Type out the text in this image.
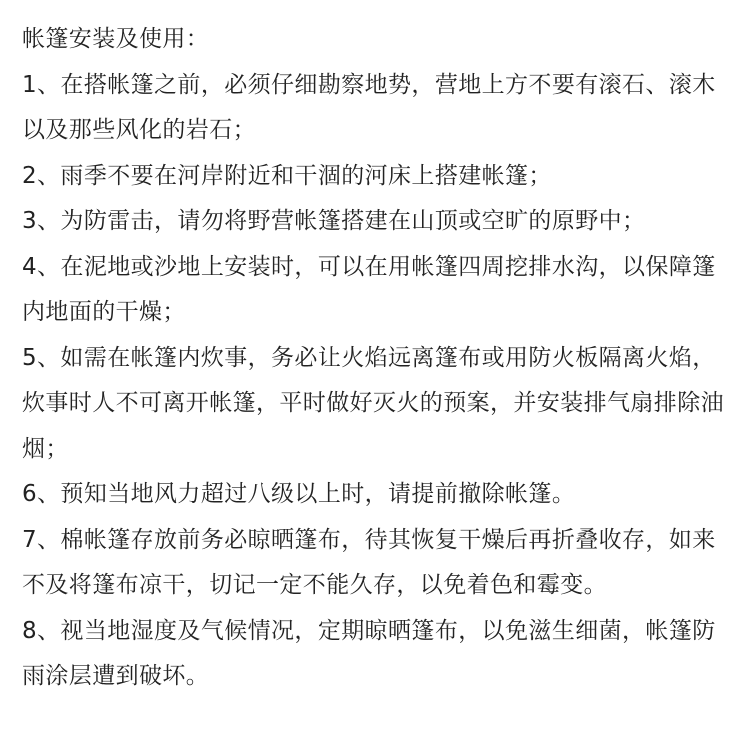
帐篷安装及使用：

1、在搭帐篷之前，必须仔细勘察地势，营地上方不要有滚石、滚木以及那些风化的岩石；
2、雨季不要在河岸附近和干涸的河床上搭建帐篷；
3、为防雷击，请勿将野营帐篷搭建在山顶或空旷的原野中；
4、在泥地或沙地上安装时，可以在用帐篷四周挖排水沟，以保障篷内地面的干燥；
5、如需在帐篷内炊事，务必让火焰远离篷布或用防火板隔离火焰，炊事时人不可离开帐篷，平时做好灭火的预案，并安装排气扇排除油烟；
6、预知当地风力超过八级以上时，请提前撤除帐篷。
7、棉帐篷存放前务必晾晒篷布，待其恢复干燥后再折叠收存，如来不及将篷布凉干，切记一定不能久存，以免着色和霉变。
8、视当地湿度及气候情况，定期晾晒篷布，以免滋生细菌，帐篷防雨涂层遭到破坏。
